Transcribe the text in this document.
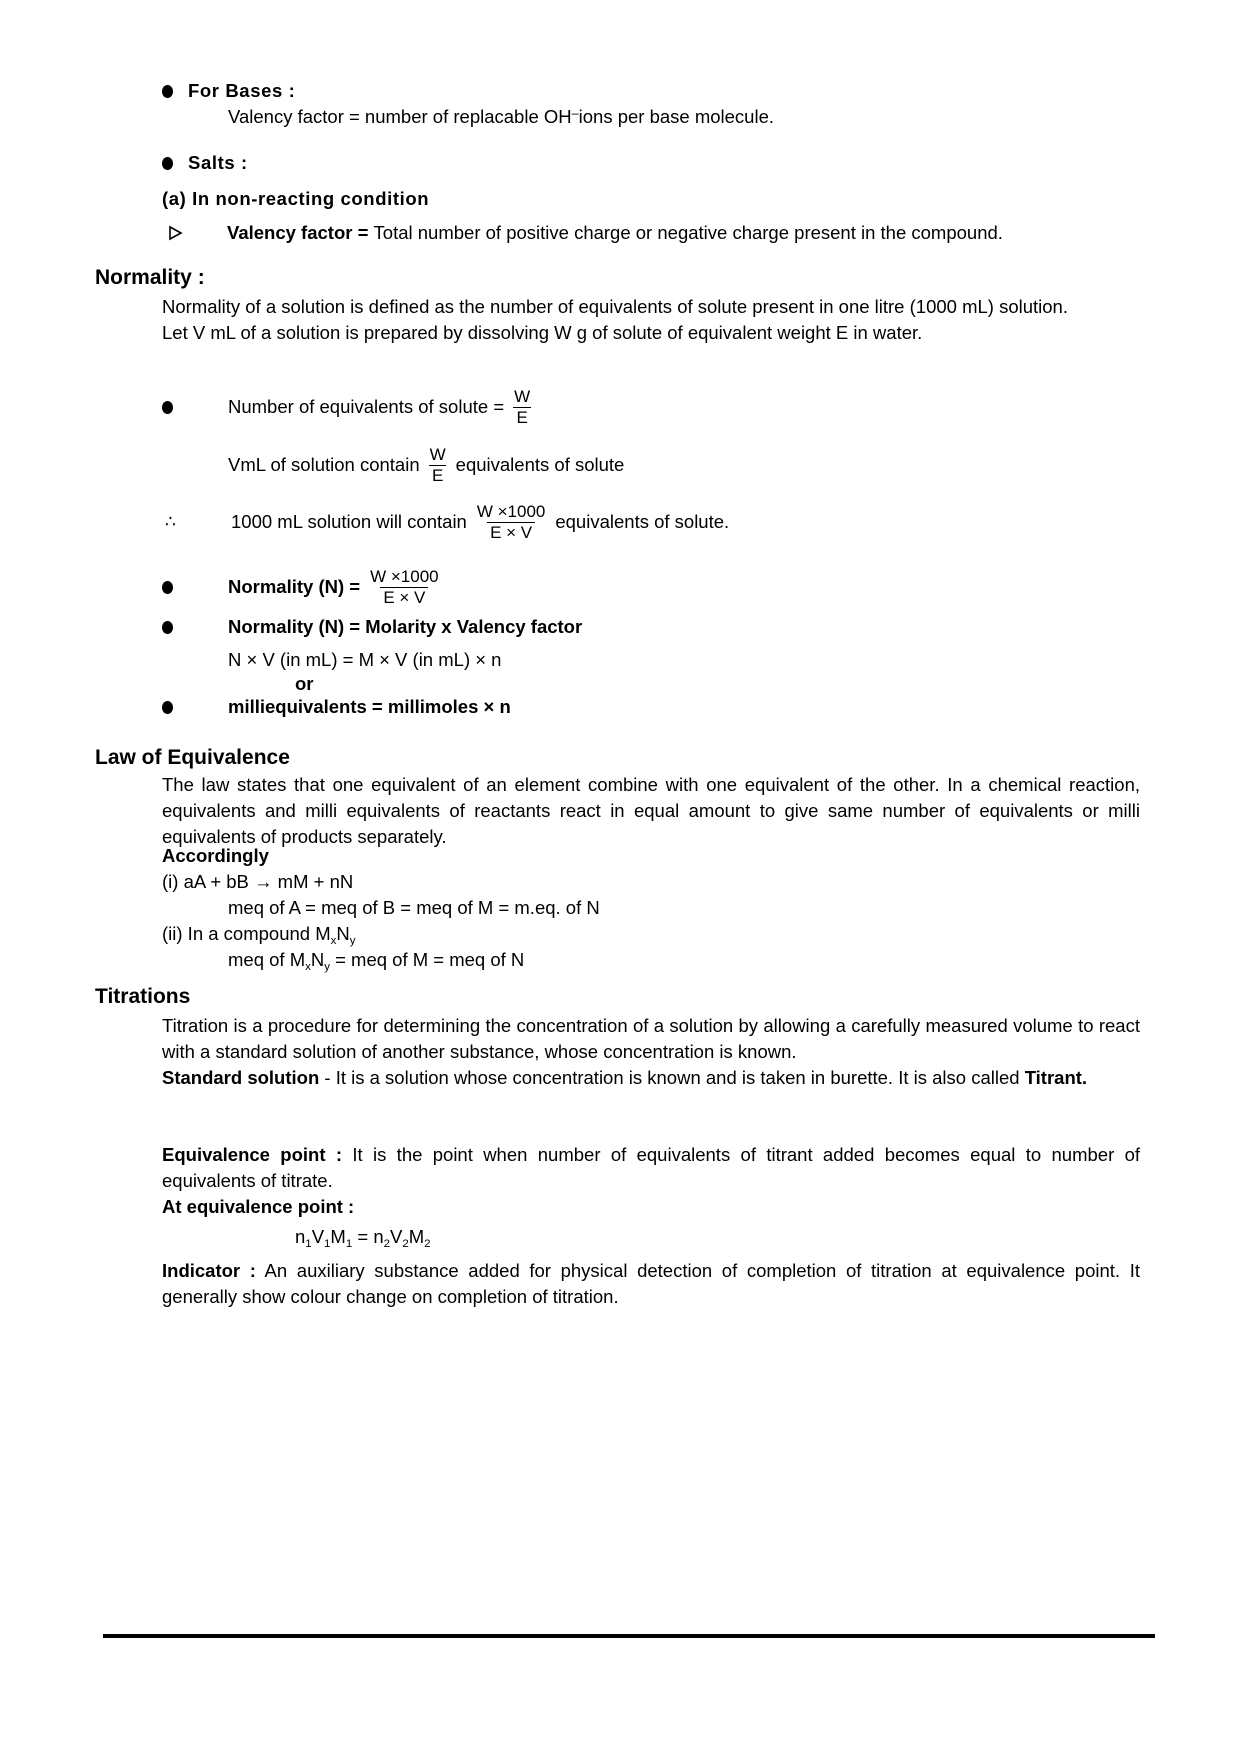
For Bases :
Valency factor = number of replacable OH–ions per base molecule.
Salts :
(a) In non-reacting condition
Valency factor = Total number of positive charge or negative charge present in the compound.
Normality :
Normality of a solution is defined as the number of equivalents of solute present in one litre (1000 mL) solution.
Let V mL of a solution is prepared by dissolving W g of solute of equivalent weight E in water.
Number of equivalents of solute = $\frac{W}{E}$
VmL of solution contain $\frac{W}{E}$ equivalents of solute
∴	1000 mL solution will contain $\frac{W \times 1000}{E \times V}$ equivalents of solute.
Normality $(N) = \frac{W \times 1000}{E \times V}$
Normality (N) = Molarity x Valency factor
N × V (in mL) = M × V (in mL) × n
or
milliequivalents = millimoles × n
Law of Equivalence
The law states that one equivalent of an element combine with one equivalent of the other. In a chemical reaction, equivalents and milli equivalents of reactants react in equal amount to give same number of equivalents or milli equivalents of products separately.
Accordingly
(i) aA + bB → mM + nN
meq of A = meq of B = meq of M = m.eq. of N
(ii) In a compound $M_xN_y$
meq of $M_xN_y$ = meq of M = meq of N
Titrations
Titration is a procedure for determining the concentration of a solution by allowing a carefully measured volume to react with a standard solution of another substance, whose concentration is known.
Standard solution - It is a solution whose concentration is known and is taken in burette. It is also called Titrant.
Equivalence point : It is the point when number of equivalents of titrant added becomes equal to number of equivalents of titrate.
At equivalence point :
$n_1V_1M_1 = n_2V_2M_2$
Indicator : An auxiliary substance added for physical detection of completion of titration at equivalence point. It generally show colour change on completion of titration.
